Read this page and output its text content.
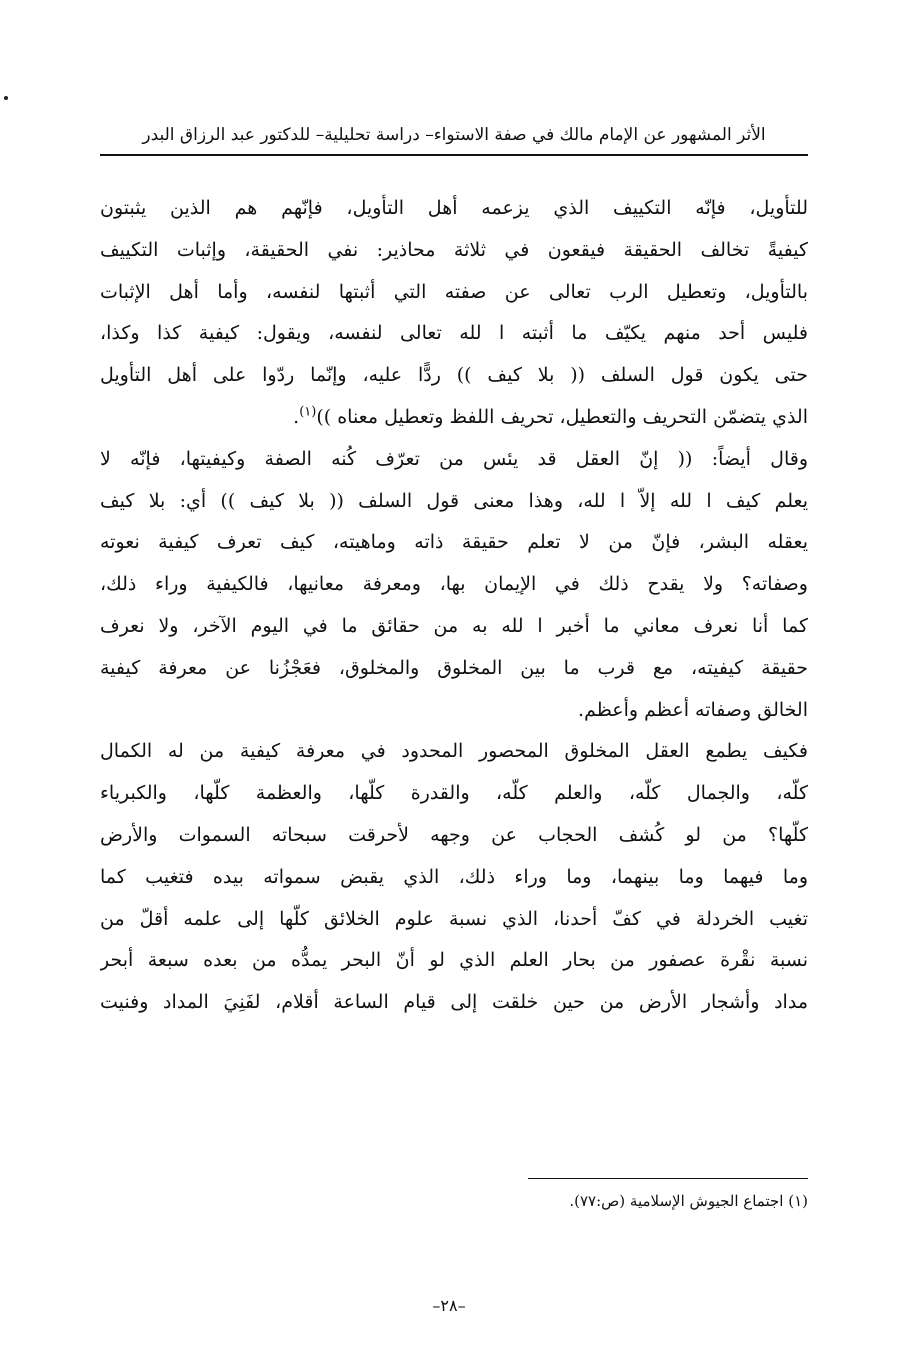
الأثر المشهور عن الإمام مالك في صفة الاستواء– دراسة تحليلية– للدكتور عبد الرزاق البدر
للتأويل، فإنّه التكييف الذي يزعمه أهل التأويل، فإنّهم هم الذين يثبتون
كيفيةً تخالف الحقيقة فيقعون في ثلاثة محاذير: نفي الحقيقة، وإثبات التكييف
بالتأويل، وتعطيل الرب تعالى عن صفته التي أثبتها لنفسه، وأما أهل الإثبات
فليس أحد منهم يكيّف ما أثبته ا لله تعالى لنفسه، ويقول: كيفية كذا وكذا،
حتى يكون قول السلف (( بلا كيف )) ردًّا عليه، وإنّما ردّوا على أهل التأويل
الذي يتضمّن التحريف والتعطيل، تحريف اللفظ وتعطيل معناه ))$^{(١)}$.
وقال أيضاً: (( إنّ العقل قد يئس من تعرّف كُنه الصفة وكيفيتها، فإنّه لا
يعلم كيف ا لله إلاّ ا لله، وهذا معنى قول السلف (( بلا كيف )) أي: بلا كيف
يعقله البشر، فإنّ من لا تعلم حقيقة ذاته وماهيته، كيف تعرف كيفية نعوته
وصفاته؟ ولا يقدح ذلك في الإيمان بها، ومعرفة معانيها، فالكيفية وراء ذلك،
كما أنا نعرف معاني ما أخبر ا لله به من حقائق ما في اليوم الآخر، ولا نعرف
حقيقة كيفيته، مع قرب ما بين المخلوق والمخلوق، فعَجْزُنا عن معرفة كيفية
الخالق وصفاته أعظم وأعظم.
فكيف يطمع العقل المخلوق المحصور المحدود في معرفة كيفية من له الكمال
كلّه، والجمال كلّه، والعلم كلّه، والقدرة كلّها، والعظمة كلّها، والكبرياء
كلّها؟ من لو كُشف الحجاب عن وجهه لأحرقت سبحاته السموات والأرض
وما فيهما وما بينهما، وما وراء ذلك، الذي يقبض سمواته بيده فتغيب كما
تغيب الخردلة في كفّ أحدنا، الذي نسبة علوم الخلائق كلّها إلى علمه أقلّ من
نسبة نقْرة عصفور من بحار العلم الذي لو أنّ البحر يمدُّه من بعده سبعة أبحر
مداد وأشجار الأرض من حين خلقت إلى قيام الساعة أقلام، لفَنِيَ المداد وفنيت
(١) اجتماع الجيوش الإسلامية (ص:٧٧).
–٢٨–
